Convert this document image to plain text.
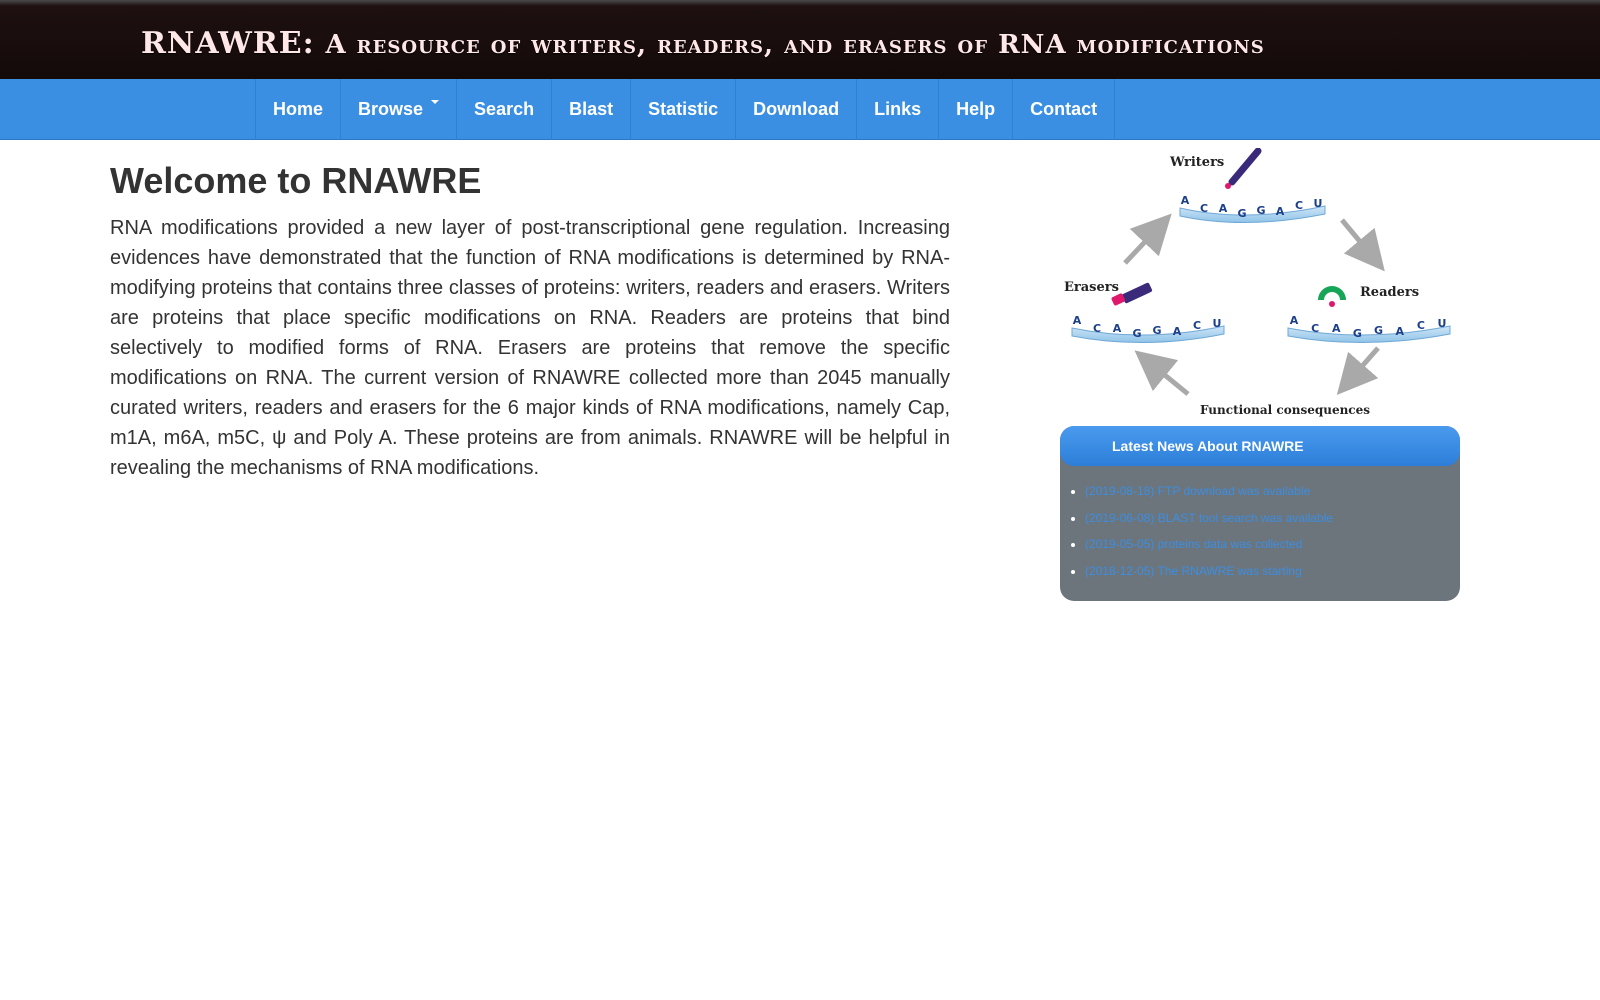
RNAWRE: A resource of writers, readers, and erasers of RNA modifications
Home Browse	Search Blast Statistic Download Links Help Contact
Welcome to RNAWRE

RNA modifications provided a new layer of post-transcriptional gene regulation. Increasing evidences have demonstrated that the function of RNA modifications is determined by RNA-modifying proteins that contains three classes of proteins: writers, readers and erasers. Writers are proteins that place specific modifications on RNA. Readers are proteins that bind selectively to modified forms of RNA. Erasers are proteins that remove the specific modifications on RNA. The current version of RNAWRE collected more than 2045 manually curated writers, readers and erasers for the 6 major kinds of RNA modifications, namely Cap, m1A, m6A, m5C, ψ and Poly A. These proteins are from animals. RNAWRE will be helpful in revealing the mechanisms of RNA modifications.

Writers
A
C A G G A C U
Erasers
A
C A G G A C U
Readers
A
C A G G A C U
Functional consequences
Latest News About RNAWRE
• (2019-08-18) FTP download was available
• (2019-06-08) BLAST tool search was available
• (2019-05-05) proteins data was collected
• (2018-12-05) The RNAWRE was starting
